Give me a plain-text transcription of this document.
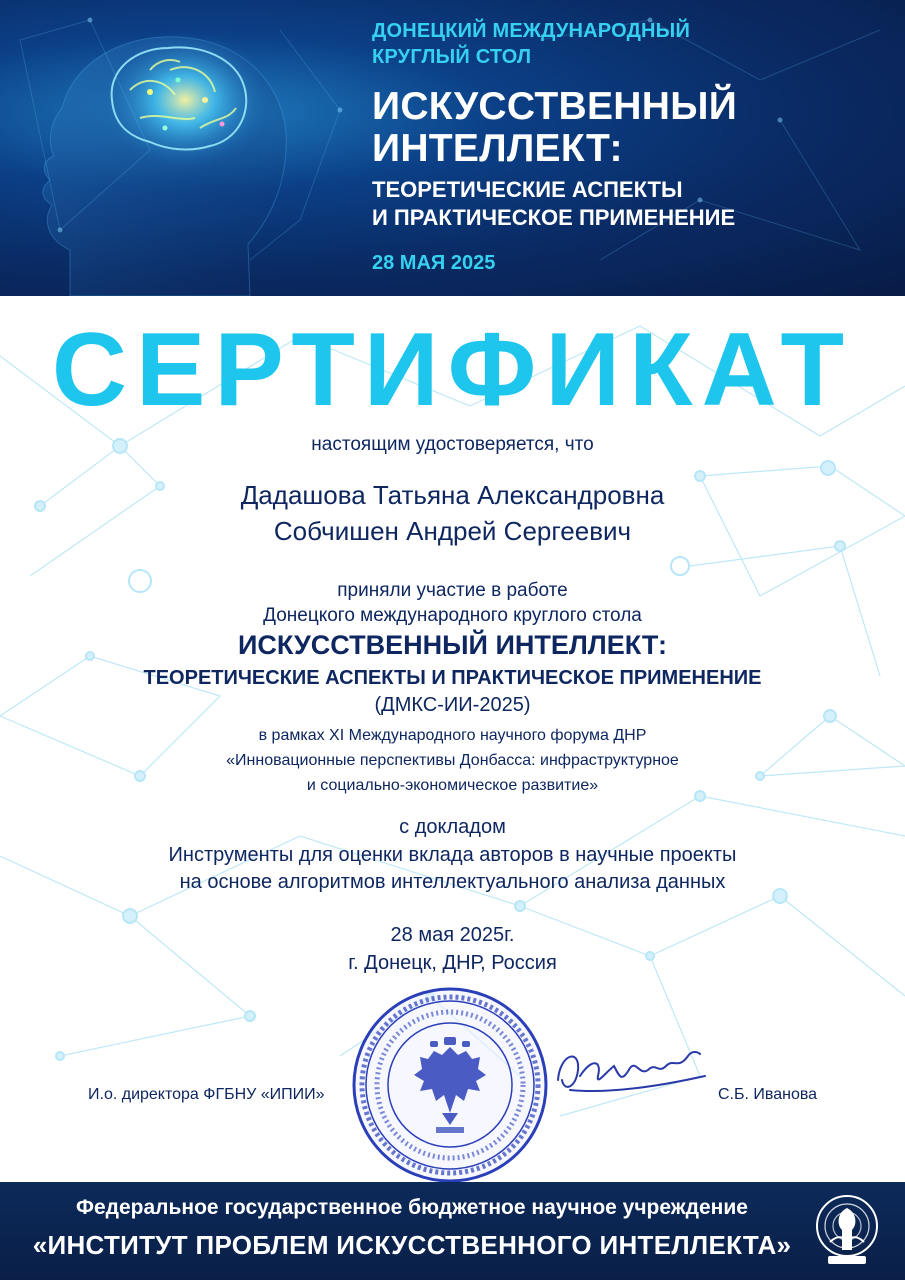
ДОНЕЦКИЙ МЕЖДУНАРОДНЫЙ
КРУГЛЫЙ СТОЛ
ИСКУССТВЕННЫЙ
ИНТЕЛЛЕКТ:
ТЕОРЕТИЧЕСКИЕ АСПЕКТЫ
И ПРАКТИЧЕСКОЕ ПРИМЕНЕНИЕ
28 МАЯ 2025
СЕРТИФИКАТ
настоящим удостоверяется, что
Дадашова Татьяна Александровна
Собчишен Андрей Сергеевич
приняли участие в работе
Донецкого международного круглого стола
ИСКУССТВЕННЫЙ ИНТЕЛЛЕКТ:
ТЕОРЕТИЧЕСКИЕ АСПЕКТЫ И ПРАКТИЧЕСКОЕ ПРИМЕНЕНИЕ
(ДМКС-ИИ-2025)
в рамках XI Международного научного форума ДНР
«Инновационные перспективы Донбасса: инфраструктурное
и социально-экономическое развитие»
с докладом
Инструменты для оценки вклада авторов в научные проекты
на основе алгоритмов интеллектуального анализа данных
28 мая 2025г.
г. Донецк, ДНР, Россия
И.о. директора ФГБНУ «ИПИИ»	С.Б. Иванова
Федеральное государственное бюджетное научное учреждение
«ИНСТИТУТ ПРОБЛЕМ ИСКУССТВЕННОГО ИНТЕЛЛЕКТА»
